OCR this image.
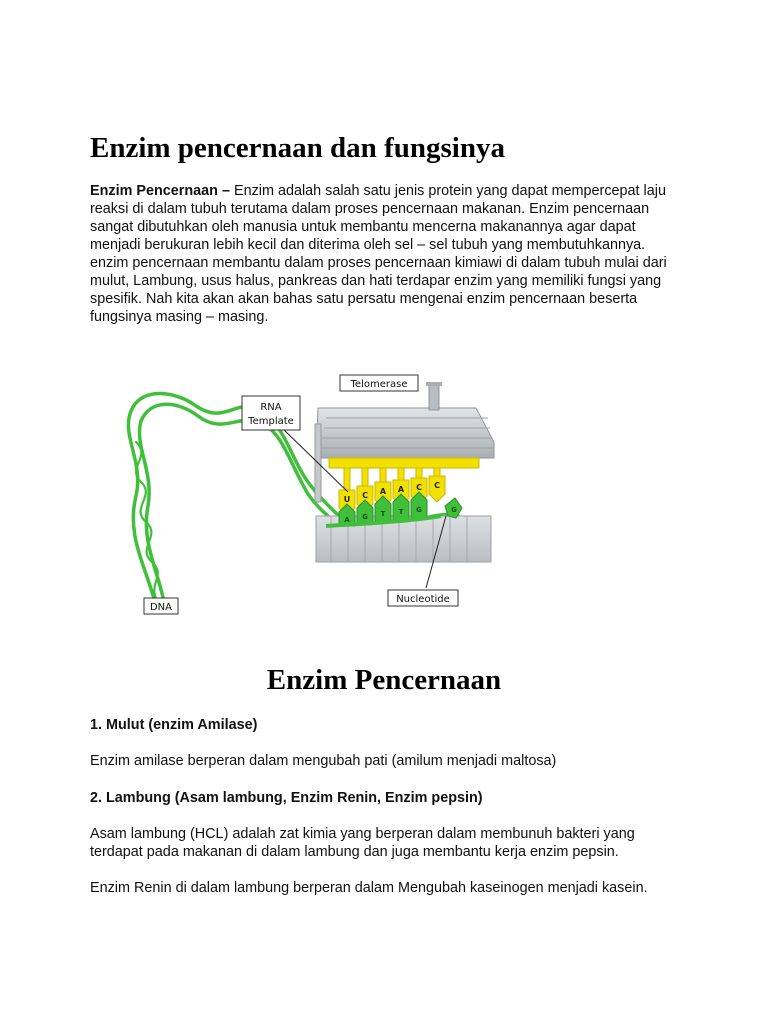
Enzim pencernaan dan fungsinya

Enzim Pencernaan – Enzim adalah salah satu jenis protein yang dapat mempercepat laju reaksi di dalam tubuh terutama dalam proses pencernaan makanan. Enzim pencernaan sangat dibutuhkan oleh manusia untuk membantu mencerna makanannya agar dapat menjadi berukuran lebih kecil dan diterima oleh sel – sel tubuh yang membutuhkannya. enzim pencernaan membantu dalam proses pencernaan kimiawi di dalam tubuh mulai dari mulut, Lambung, usus halus, pankreas dan hati terdapar enzim yang memiliki fungsi yang spesifik. Nah kita akan akan bahas satu persatu mengenai enzim pencernaan beserta fungsinya masing – masing.

U C A A C C
A G T T G	G
Telomerase
RNA
Template
Nucleotide
DNA
Enzim Pencernaan

1. Mulut (enzim Amilase)

Enzim amilase berperan dalam mengubah pati (amilum menjadi maltosa)

2. Lambung (Asam lambung, Enzim Renin, Enzim pepsin)

Asam lambung (HCL) adalah zat kimia yang berperan dalam membunuh bakteri yang terdapat pada makanan di dalam lambung dan juga membantu kerja enzim pepsin.

Enzim Renin di dalam lambung berperan dalam Mengubah kaseinogen menjadi kasein.
